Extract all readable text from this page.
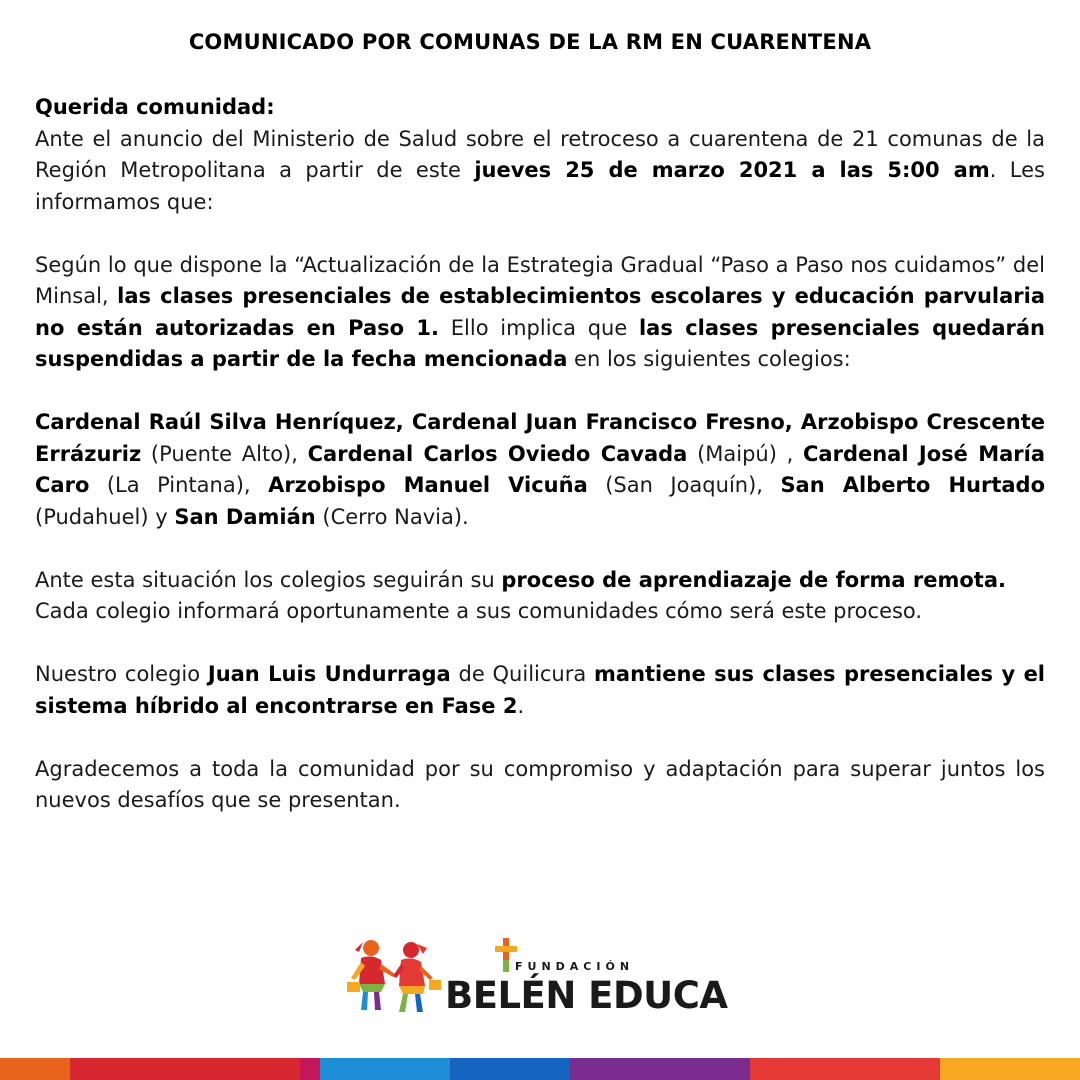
COMUNICADO POR COMUNAS DE LA RM EN CUARENTENA

Querida comunidad:

Ante el anuncio del Ministerio de Salud sobre el retroceso a cuarentena de 21 comunas de la Región Metropolitana a partir de este jueves 25 de marzo 2021 a las 5:00 am. Les informamos que:

Según lo que dispone la “Actualización de la Estrategia Gradual “Paso a Paso nos cuidamos” del Minsal, las clases presenciales de establecimientos escolares y educación parvularia no están autorizadas en Paso 1. Ello implica que las clases presenciales quedarán suspendidas a partir de la fecha mencionada en los siguientes colegios:

Cardenal Raúl Silva Henríquez, Cardenal Juan Francisco Fresno, Arzobispo Crescente Errázuriz (Puente Alto), Cardenal Carlos Oviedo Cavada (Maipú) , Cardenal José María Caro (La Pintana), Arzobispo Manuel Vicuña (San Joaquín), San Alberto Hurtado (Pudahuel) y San Damián (Cerro Navia).

Ante esta situación los colegios seguirán su proceso de aprendiazaje de forma remota. Cada colegio informará oportunamente a sus comunidades cómo será este proceso.

Nuestro colegio Juan Luis Undurraga de Quilicura mantiene sus clases presenciales y el sistema híbrido al encontrarse en Fase 2.

Agradecemos a toda la comunidad por su compromiso y adaptación para superar juntos los nuevos desafíos que se presentan.

FUNDACIÓN
BELÉN EDUCA
